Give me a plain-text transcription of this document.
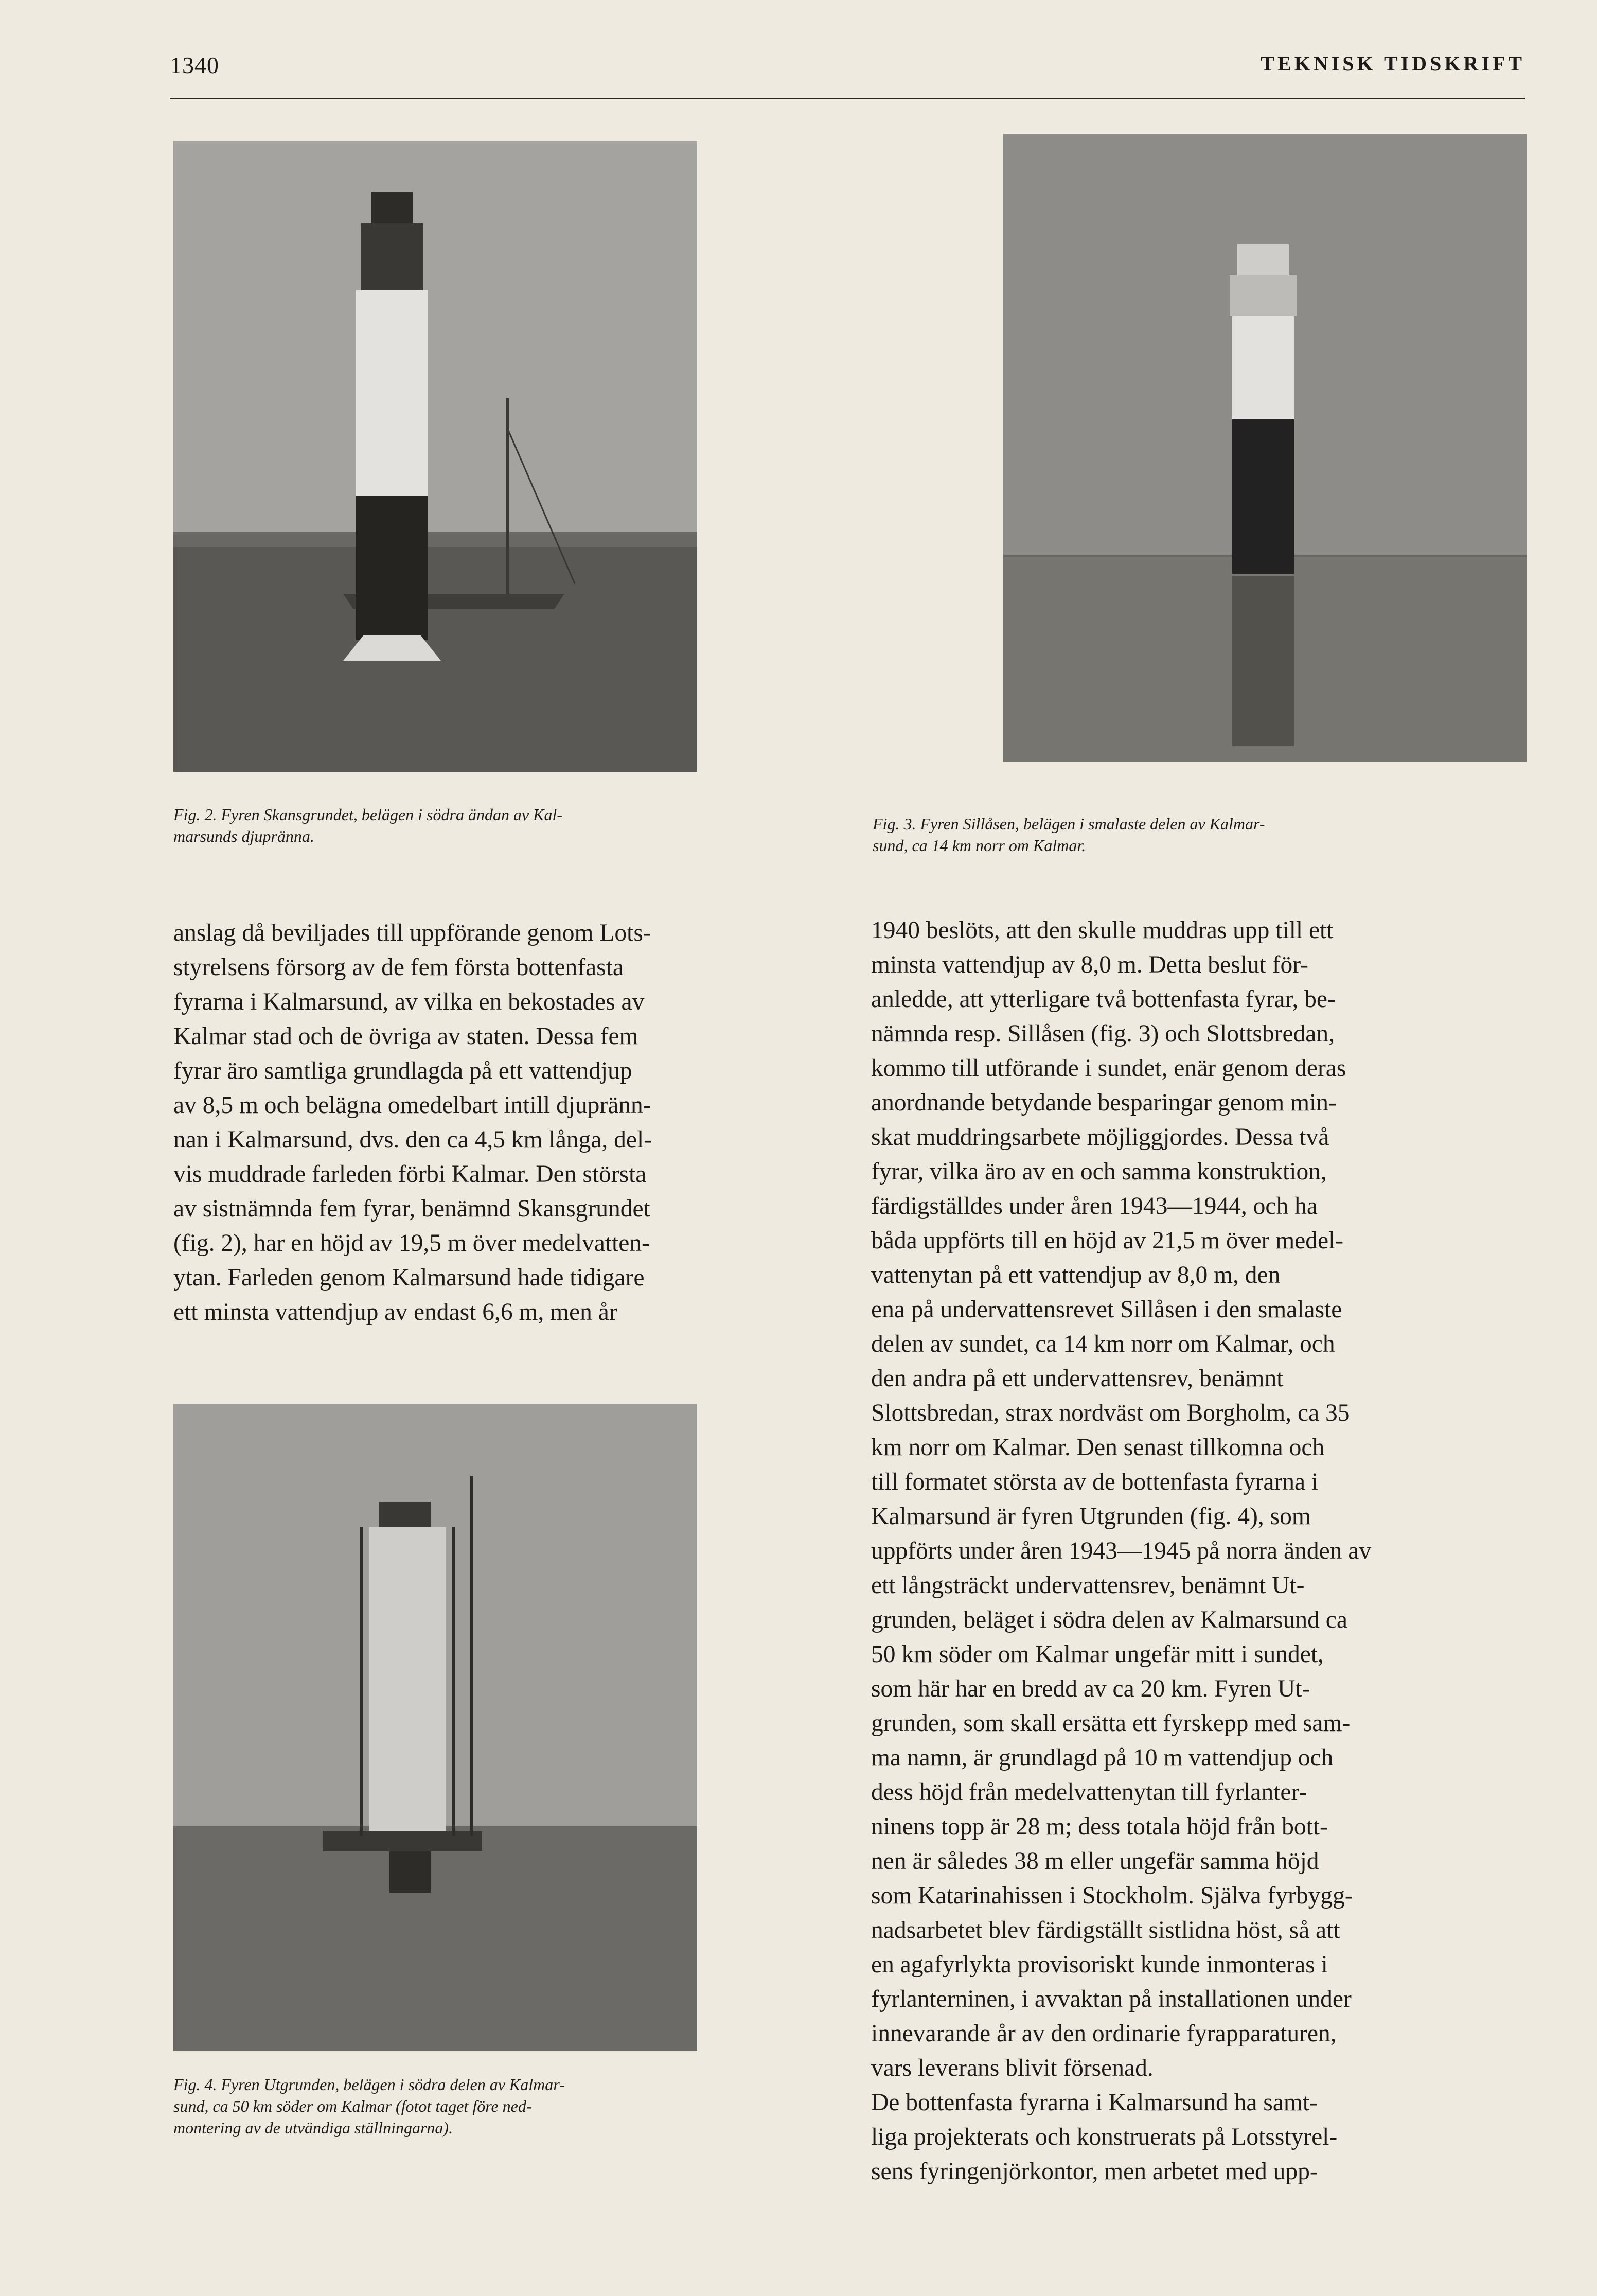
1340	TEKNISK TIDSKRIFT
Fig. 2. Fyren Skansgrundet, belägen i södra ändan av Kal-
marsunds djupränna.
Fig. 3. Fyren Sillåsen, belägen i smalaste delen av Kalmar-
sund, ca 14 km norr om Kalmar.
anslag då beviljades till uppförande genom Lots-
styrelsens försorg av de fem första bottenfasta
fyrarna i Kalmarsund, av vilka en bekostades av
Kalmar stad och de övriga av staten. Dessa fem
fyrar äro samtliga grundlagda på ett vattendjup
av 8,5 m och belägna omedelbart intill djupränn-
nan i Kalmarsund, dvs. den ca 4,5 km långa, del-
vis muddrade farleden förbi Kalmar. Den största
av sistnämnda fem fyrar, benämnd Skansgrundet
(fig. 2), har en höjd av 19,5 m över medelvatten-
ytan. Farleden genom Kalmarsund hade tidigare
ett minsta vattendjup av endast 6,6 m, men år
Fig. 4. Fyren Utgrunden, belägen i södra delen av Kalmar-
sund, ca 50 km söder om Kalmar (fotot taget före ned-
montering av de utvändiga ställningarna).
1940 beslöts, att den skulle muddras upp till ett
minsta vattendjup av 8,0 m. Detta beslut för-
anledde, att ytterligare två bottenfasta fyrar, be-
nämnda resp. Sillåsen (fig. 3) och Slottsbredan,
kommo till utförande i sundet, enär genom deras
anordnande betydande besparingar genom min-
skat muddringsarbete möjliggjordes. Dessa två
fyrar, vilka äro av en och samma konstruktion,
färdigställdes under åren 1943—1944, och ha
båda uppförts till en höjd av 21,5 m över medel-
vattenytan på ett vattendjup av 8,0 m, den
ena på undervattensrevet Sillåsen i den smalaste
delen av sundet, ca 14 km norr om Kalmar, och
den andra på ett undervattensrev, benämnt
Slottsbredan, strax nordväst om Borgholm, ca 35
km norr om Kalmar. Den senast tillkomna och
till formatet största av de bottenfasta fyrarna i
Kalmarsund är fyren Utgrunden (fig. 4), som
uppförts under åren 1943—1945 på norra änden av
ett långsträckt undervattensrev, benämnt Ut-
grunden, beläget i södra delen av Kalmarsund ca
50 km söder om Kalmar ungefär mitt i sundet,
som här har en bredd av ca 20 km. Fyren Ut-
grunden, som skall ersätta ett fyrskepp med sam-
ma namn, är grundlagd på 10 m vattendjup och
dess höjd från medelvattenytan till fyrlanter-
ninens topp är 28 m; dess totala höjd från bott-
nen är således 38 m eller ungefär samma höjd
som Katarinahissen i Stockholm. Själva fyrbygg-
nadsarbetet blev färdigställt sistlidna höst, så att
en agafyrlykta provisoriskt kunde inmonteras i
fyrlanterninen, i avvaktan på installationen under
innevarande år av den ordinarie fyrapparaturen,
vars leverans blivit försenad.
De bottenfasta fyrarna i Kalmarsund ha samt-
liga projekterats och konstruerats på Lotsstyrel-
sens fyringenjörkontor, men arbetet med upp-
